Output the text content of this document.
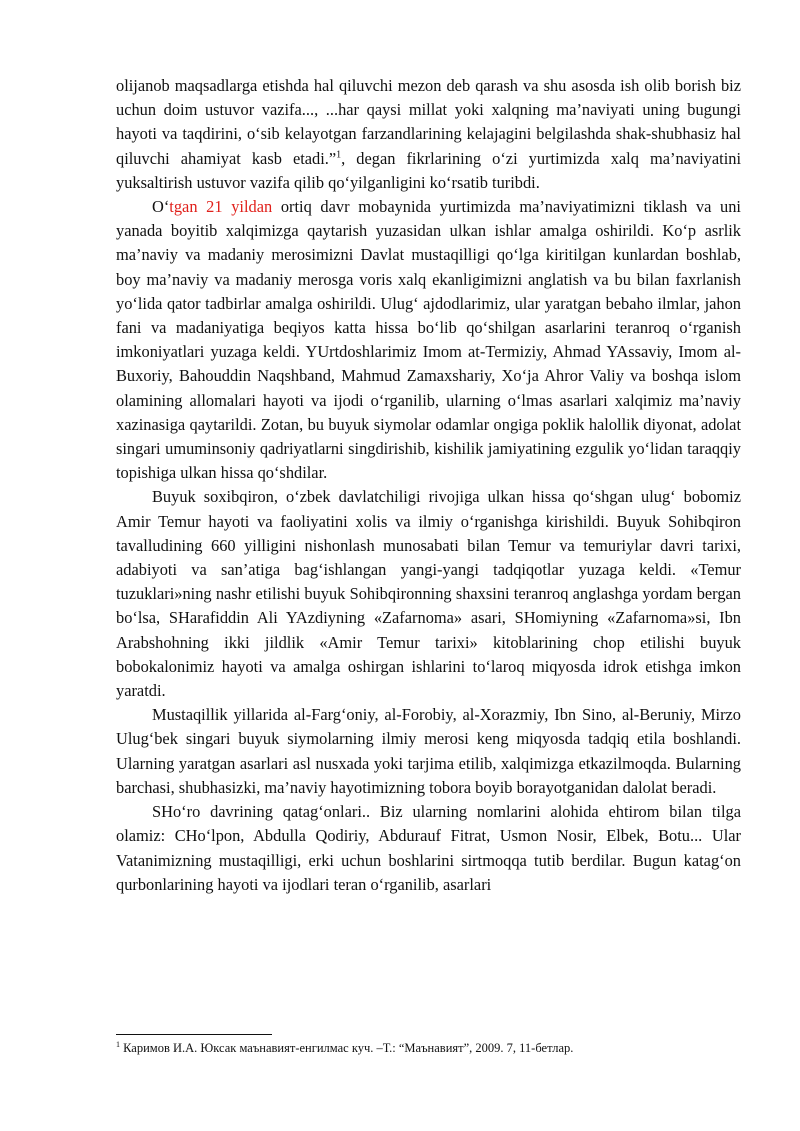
olijanob maqsadlarga etishda hal qiluvchi mezon deb qarash va shu asosda ish olib borish biz uchun doim ustuvor vazifa..., ...har qaysi millat yoki xalqning ma’naviyati uning bugungi hayoti va taqdirini, o‘sib kelayotgan farzandlarining kelajagini belgilashda shak-shubhasiz hal qiluvchi ahamiyat kasb etadi.”$^1$, degan fikrlarining o‘zi yurtimizda xalq ma’naviyatini yuksaltirish ustuvor vazifa qilib qo‘yilganligini ko‘rsatib turibdi.

O‘tgan 21 yildan ortiq davr mobaynida yurtimizda ma’naviyatimizni tiklash va uni yanada boyitib xalqimizga qaytarish yuzasidan ulkan ishlar amalga oshirildi. Ko‘p asrlik ma’naviy va madaniy merosimizni Davlat mustaqilligi qo‘lga kiritilgan kunlardan boshlab, boy ma’naviy va madaniy merosga voris xalq ekanligimizni anglatish va bu bilan faxrlanish yo‘lida qator tadbirlar amalga oshirildi. Ulug‘ ajdodlarimiz, ular yaratgan bebaho ilmlar, jahon fani va madaniyatiga beqiyos katta hissa bo‘lib qo‘shilgan asarlarini teranroq o‘rganish imkoniyatlari yuzaga keldi. YUrtdoshlarimiz Imom at-Termiziy, Ahmad YAssaviy, Imom al-Buxoriy, Bahouddin Naqshband, Mahmud Zamaxshariy, Xo‘ja Ahror Valiy va boshqa islom olamining allomalari hayoti va ijodi o‘rganilib, ularning o‘lmas asarlari xalqimiz ma’naviy xazinasiga qaytarildi. Zotan, bu buyuk siymolar odamlar ongiga poklik halollik diyonat, adolat singari umuminsoniy qadriyatlarni singdirishib, kishilik jamiyatining ezgulik yo‘lidan taraqqiy topishiga ulkan hissa qo‘shdilar.

Buyuk soxibqiron, o‘zbek davlatchiligi rivojiga ulkan hissa qo‘shgan ulug‘ bobomiz Amir Temur hayoti va faoliyatini xolis va ilmiy o‘rganishga kirishildi. Buyuk Sohibqiron tavalludining 660 yilligini nishonlash munosabati bilan Temur va temuriylar davri tarixi, adabiyoti va san’atiga bag‘ishlangan yangi-yangi tadqiqotlar yuzaga keldi. «Temur tuzuklari»ning nashr etilishi buyuk Sohibqironning shaxsini teranroq anglashga yordam bergan bo‘lsa, SHarafiddin Ali YAzdiyning «Zafarnoma» asari, SHomiyning «Zafarnoma»si, Ibn Arabshohning ikki jildlik «Amir Temur tarixi» kitoblarining chop etilishi buyuk bobokalonimiz hayoti va amalga oshirgan ishlarini to‘laroq miqyosda idrok etishga imkon yaratdi.

Mustaqillik yillarida al-Farg‘oniy, al-Forobiy, al-Xorazmiy, Ibn Sino, al-Beruniy, Mirzo Ulug‘bek singari buyuk siymolarning ilmiy merosi keng miqyosda tadqiq etila boshlandi. Ularning yaratgan asarlari asl nusxada yoki tarjima etilib, xalqimizga etkazilmoqda. Bularning barchasi, shubhasizki, ma’naviy hayotimizning tobora boyib borayotganidan dalolat beradi.

SHo‘ro davrining qatag‘onlari.. Biz ularning nomlarini alohida ehtirom bilan tilga olamiz: CHo‘lpon, Abdulla Qodiriy, Abdurauf Fitrat, Usmon Nosir, Elbek, Botu... Ular Vatanimizning mustaqilligi, erki uchun boshlarini sirtmoqqa tutib berdilar. Bugun katag‘on qurbonlarining hayoti va ijodlari teran o‘rganilib, asarlari

$^1$ Каримов И.А. Юксак маънавият-енгилмас куч. –Т.: “Маънавият”, 2009. 7, 11-бетлар.
